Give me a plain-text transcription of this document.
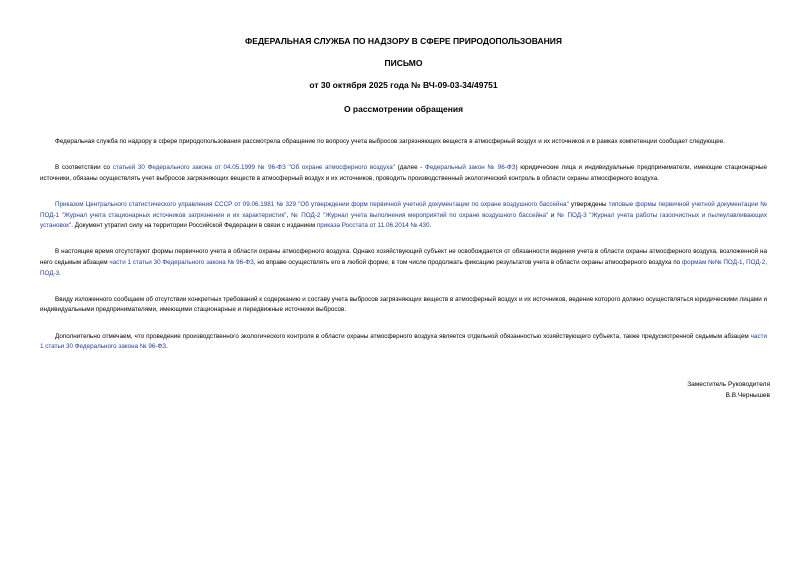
ФЕДЕРАЛЬНАЯ СЛУЖБА ПО НАДЗОРУ В СФЕРЕ ПРИРОДОПОЛЬЗОВАНИЯ
ПИСЬМО
от 30 октября 2025 года № ВЧ-09-03-34/49751
О рассмотрении обращения

Федеральная служба по надзору в сфере природопользования рассмотрела обращение по вопросу учета выбросов загрязняющих веществ в атмосферный воздух и их источников и в рамках компетенции сообщает следующее.

В соответствии со статьей 30 Федерального закона от 04.05.1999 № 96-ФЗ "Об охране атмосферного воздуха" (далее - Федеральный закон № 96-ФЗ) юридические лица и индивидуальные предприниматели, имеющие стационарные источники, обязаны осуществлять учет выбросов загрязняющих веществ в атмосферный воздух и их источников, проводить производственный экологический контроль в области охраны атмосферного воздуха.

Приказом Центрального статистического управления СССР от 09.06.1981 № 329 "Об утверждении форм первичной учетной документации по охране воздушного бассейна" утверждены типовые формы первичной учетной документации № ПОД-1 "Журнал учета стационарных источников загрязнения и их характеристик", № ПОД-2 "Журнал учета выполнения мероприятий по охране воздушного бассейна" и № ПОД-3 "Журнал учета работы газоочистных и пылеулавливающих установок". Документ утратил силу на территории Российской Федерации в связи с изданием приказа Росстата от 11.06.2014 № 430.

В настоящее время отсутствуют формы первичного учета в области охраны атмосферного воздуха. Однако хозяйствующий субъект не освобождается от обязанности ведения учета в области охраны атмосферного воздуха, возложенной на него седьмым абзацем части 1 статьи 30 Федерального закона № 96-ФЗ, но вправе осуществлять его в любой форме, в том числе продолжать фиксацию результатов учета в области охраны атмосферного воздуха по формам №№ ПОД-1, ПОД-2, ПОД-3.

Ввиду изложенного сообщаем об отсутствии конкретных требований к содержанию и составу учета выбросов загрязняющих веществ в атмосферный воздух и их источников, ведение которого должно осуществляться юридическими лицами и индивидуальными предпринимателями, имеющими стационарные и передвижные источники выбросов.

Дополнительно отмечаем, что проведение производственного экологического контроля в области охраны атмосферного воздуха является отдельной обязанностью хозяйствующего субъекта, также предусмотренной седьмым абзацем части 1 статьи 30 Федерального закона № 96-ФЗ.

Заместитель Руководителя
В.В.Чернышев
